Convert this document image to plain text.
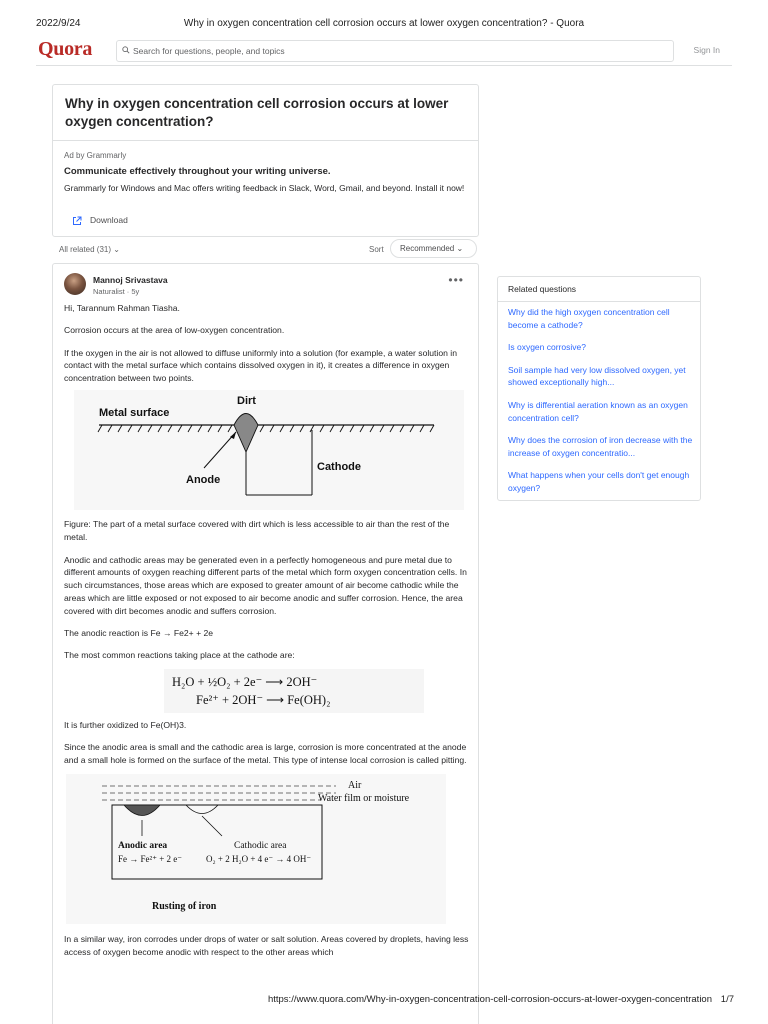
2022/9/24	Why in oxygen concentration cell corrosion occurs at lower oxygen concentration? - Quora
Quora	Search for questions, people, and topics	Sign In
Why in oxygen concentration cell corrosion occurs at lower oxygen concentration?
Ad by Grammarly
Communicate effectively throughout your writing universe.
Grammarly for Windows and Mac offers writing feedback in Slack, Word, Gmail, and beyond. Install it now!
Download
All related (31) ⌄	Sort	Recommended ⌄
Mannoj Srivastava
Naturalist · 5y
•••

Hi, Tarannum Rahman Tiasha.

Corrosion occurs at the area of low-oxygen concentration.

If the oxygen in the air is not allowed to diffuse uniformly into a solution (for example, a water solution in contact with the metal surface which contains dissolved oxygen in it), it creates a difference in oxygen concentration between two points.

Metal surface
Dirt
Anode
Cathode

Figure: The part of a metal surface covered with dirt which is less accessible to air than the rest of the metal.

Anodic and cathodic areas may be generated even in a perfectly homogeneous and pure metal due to different amounts of oxygen reaching different parts of the metal which form oxygen concentration cells. In such circumstances, those areas which are exposed to greater amount of air become cathodic while the areas which are little exposed or not exposed to air become anodic and suffer corrosion. Hence, the area covered with dirt becomes anodic and suffers corrosion.

The anodic reaction is Fe → Fe2+ + 2e

The most common reactions taking place at the cathode are:

H₂O + ½O₂ + 2e⁻ ⟶ 2OH⁻
Fe²⁺ + 2OH⁻ ⟶ Fe(OH)₂

It is further oxidized to Fe(OH)3.

Since the anodic area is small and the cathodic area is large, corrosion is more concentrated at the anode and a small hole is formed on the surface of the metal. This type of intense local corrosion is called pitting.

Air
Water film or moisture
Anodic area
Fe → Fe²⁺ + 2 e⁻
Cathodic area
O₂ + 2 H₂O + 4 e⁻ → 4 OH⁻
Rusting of iron

In a similar way, iron corrodes under drops of water or salt solution. Areas covered by droplets, having less access of oxygen become anodic with respect to the other areas which

Related questions
Why did the high oxygen concentration cell become a cathode?
Is oxygen corrosive?
Soil sample had very low dissolved oxygen, yet showed exceptionally high...
Why is differential aeration known as an oxygen concentration cell?
Why does the corrosion of iron decrease with the increase of oxygen concentratio...
What happens when your cells don't get enough oxygen?
https://www.quora.com/Why-in-oxygen-concentration-cell-corrosion-occurs-at-lower-oxygen-concentration 1/7
